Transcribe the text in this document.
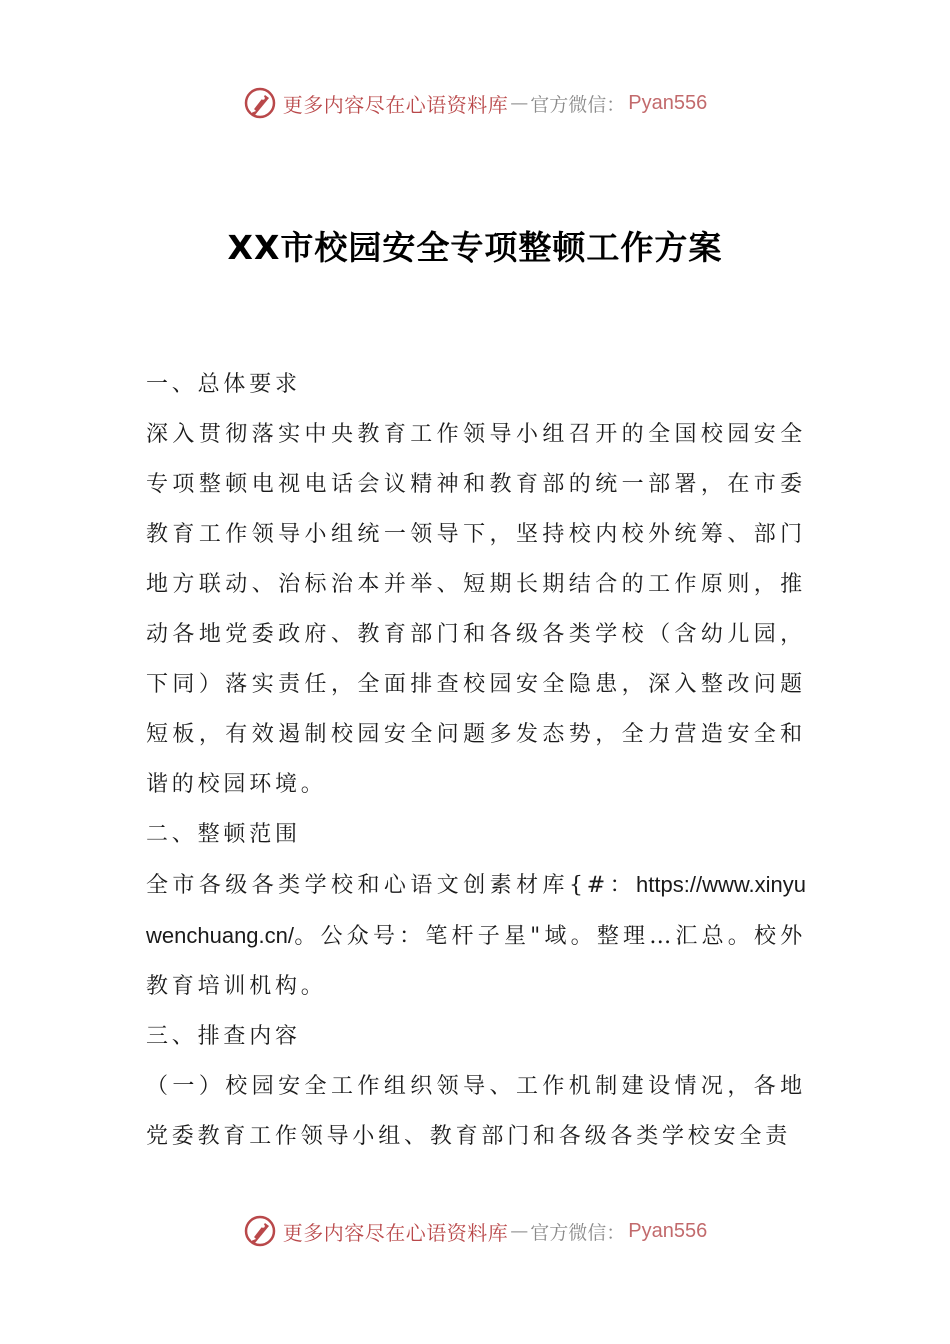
更多内容尽在心语资料库 — 官方微信： Pyan556
XX市校园安全专项整顿工作方案

一、总体要求

深入贯彻落实中央教育工作领导小组召开的全国校园安全专项整顿电视电话会议精神和教育部的统一部署，在市委教育工作领导小组统一领导下，坚持校内校外统筹、部门地方联动、治标治本并举、短期长期结合的工作原则，推动各地党委政府、教育部门和各级各类学校（含幼儿园，下同）落实责任，全面排查校园安全隐患，深入整改问题短板，有效遏制校园安全问题多发态势，全力营造安全和谐的校园环境。

二、整顿范围

全市各级各类学校和心语文创素材库{#：https://www.xinyuwenchuang.cn/。公众号：笔杆子星"域。整理…汇总。校外教育培训机构。

三、排查内容

（一）校园安全工作组织领导、工作机制建设情况，各地党委教育工作领导小组、教育部门和各级各类学校安全责

更多内容尽在心语资料库 — 官方微信： Pyan556
